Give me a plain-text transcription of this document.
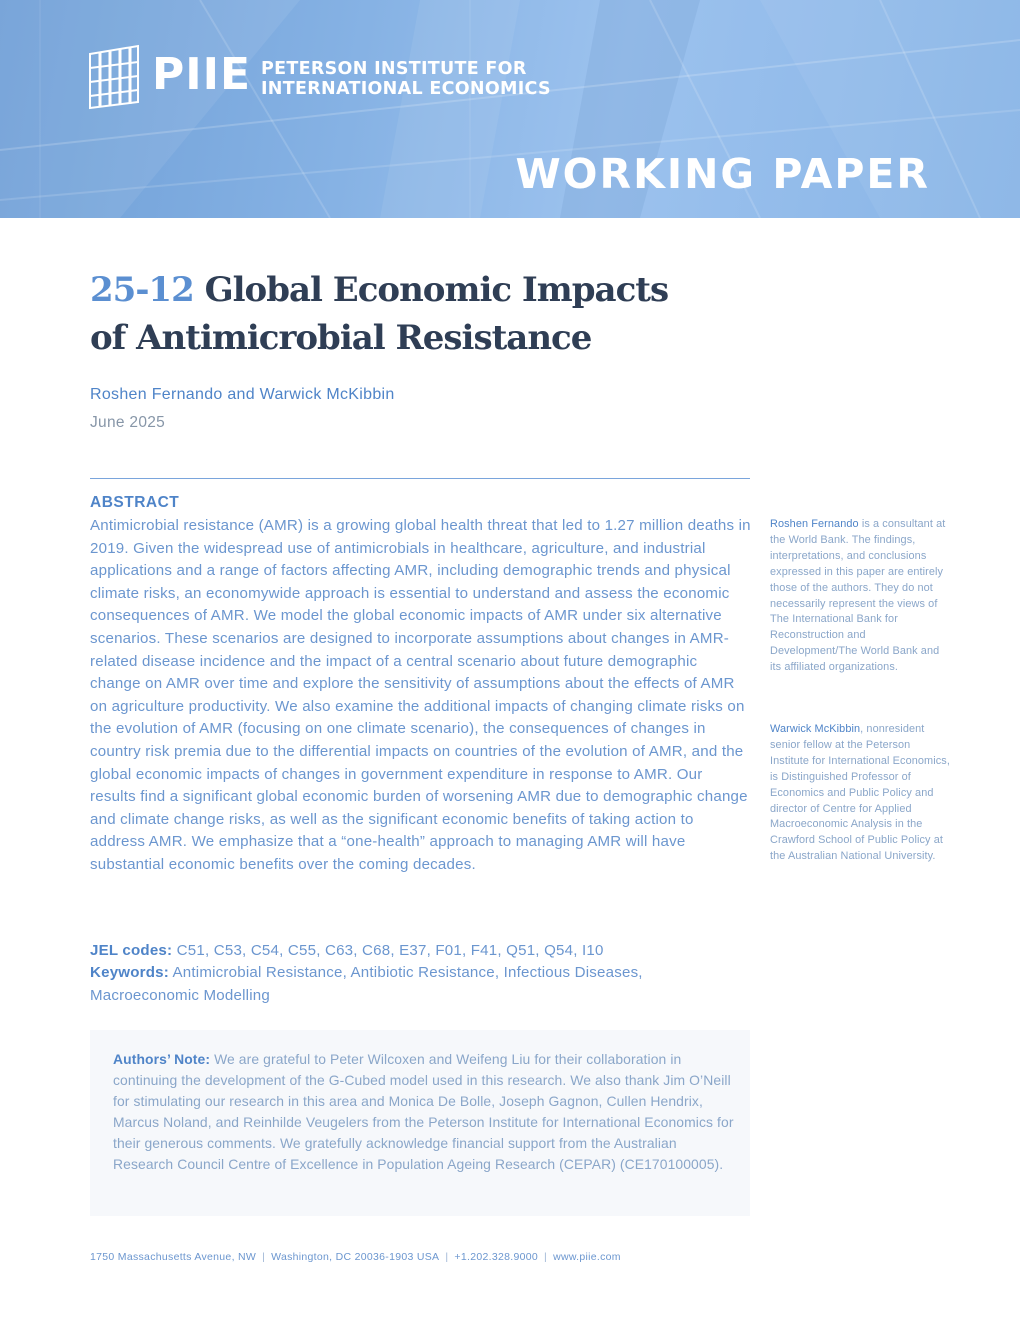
PIIE PETERSON INSTITUTE FOR
INTERNATIONAL ECONOMICS
WORKING PAPER
25-12 Global Economic Impacts
of Antimicrobial Resistance
Roshen Fernando and Warwick McKibbin
June 2025
ABSTRACT

Antimicrobial resistance (AMR) is a growing global health threat that led to 1.27 million deaths in 2019. Given the widespread use of antimicrobials in healthcare, agriculture, and industrial applications and a range of factors affecting AMR, including demographic trends and physical climate risks, an economywide approach is essential to understand and assess the economic consequences of AMR. We model the global economic impacts of AMR under six alternative scenarios. These scenarios are designed to incorporate assumptions about changes in AMR-related disease incidence and the impact of a central scenario about future demographic change on AMR over time and explore the sensitivity of assumptions about the effects of AMR on agriculture productivity. We also examine the additional impacts of changing climate risks on the evolution of AMR (focusing on one climate scenario), the consequences of changes in country risk premia due to the differential impacts on countries of the evolution of AMR, and the global economic impacts of changes in government expenditure in response to AMR. Our results find a significant global economic burden of worsening AMR due to demographic change and climate change risks, as well as the significant economic benefits of taking action to address AMR. We emphasize that a “one-health” approach to managing AMR will have substantial economic benefits over the coming decades.

JEL codes: C51, C53, C54, C55, C63, C68, E37, F01, F41, Q51, Q54, I10
Keywords: Antimicrobial Resistance, Antibiotic Resistance, Infectious Diseases, Macroeconomic Modelling
Roshen Fernando is a consultant at the World Bank. The findings, interpretations, and conclusions expressed in this paper are entirely those of the authors. They do not necessarily represent the views of The International Bank for Reconstruction and Development/The World Bank and its affiliated organizations.
Warwick McKibbin, nonresident senior fellow at the Peterson Institute for International Economics, is Distinguished Professor of Economics and Public Policy and director of Centre for Applied Macroeconomic Analysis in the Crawford School of Public Policy at the Australian National University.
Authors’ Note: We are grateful to Peter Wilcoxen and Weifeng Liu for their collaboration in continuing the development of the G-Cubed model used in this research. We also thank Jim O’Neill for stimulating our research in this area and Monica De Bolle, Joseph Gagnon, Cullen Hendrix, Marcus Noland, and Reinhilde Veugelers from the Peterson Institute for International Economics for their generous comments. We gratefully acknowledge financial support from the Australian Research Council Centre of Excellence in Population Ageing Research (CEPAR) (CE170100005).
1750 Massachusetts Avenue, NW | Washington, DC 20036-1903 USA | +1.202.328.9000 | www.piie.com
